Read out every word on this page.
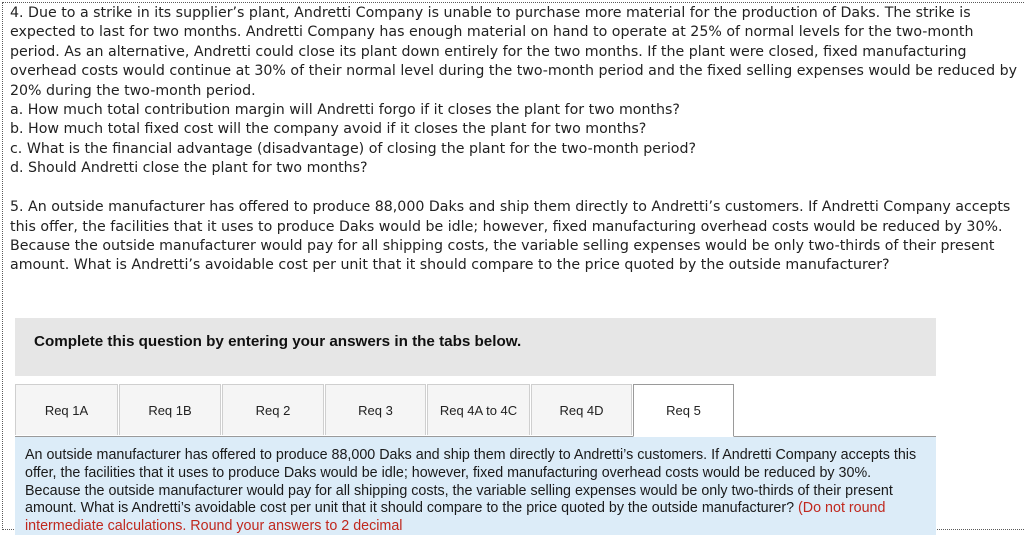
4. Due to a strike in its supplier’s plant, Andretti Company is unable to purchase more material for the production of Daks. The strike is expected to last for two months. Andretti Company has enough material on hand to operate at 25% of normal levels for the two-month period. As an alternative, Andretti could close its plant down entirely for the two months. If the plant were closed, fixed manufacturing overhead costs would continue at 30% of their normal level during the two-month period and the fixed selling expenses would be reduced by 20% during the two-month period.

a. How much total contribution margin will Andretti forgo if it closes the plant for two months?

b. How much total fixed cost will the company avoid if it closes the plant for two months?

c. What is the financial advantage (disadvantage) of closing the plant for the two-month period?

d. Should Andretti close the plant for two months?

5. An outside manufacturer has offered to produce 88,000 Daks and ship them directly to Andretti’s customers. If Andretti Company accepts this offer, the facilities that it uses to produce Daks would be idle; however, fixed manufacturing overhead costs would be reduced by 30%. Because the outside manufacturer would pay for all shipping costs, the variable selling expenses would be only two-thirds of their present amount. What is Andretti’s avoidable cost per unit that it should compare to the price quoted by the outside manufacturer?

Complete this question by entering your answers in the tabs below.
Req 1A	Req 1B	Req 2	Req 3	Req 4A to 4C	Req 4D	Req 5
An outside manufacturer has offered to produce 88,000 Daks and ship them directly to Andretti’s customers. If Andretti Company accepts this offer, the facilities that it uses to produce Daks would be idle; however, fixed manufacturing overhead costs would be reduced by 30%. Because the outside manufacturer would pay for all shipping costs, the variable selling expenses would be only two-thirds of their present amount. What is Andretti’s avoidable cost per unit that it should compare to the price quoted by the outside manufacturer? (Do not round intermediate calculations. Round your answers to 2 decimal
